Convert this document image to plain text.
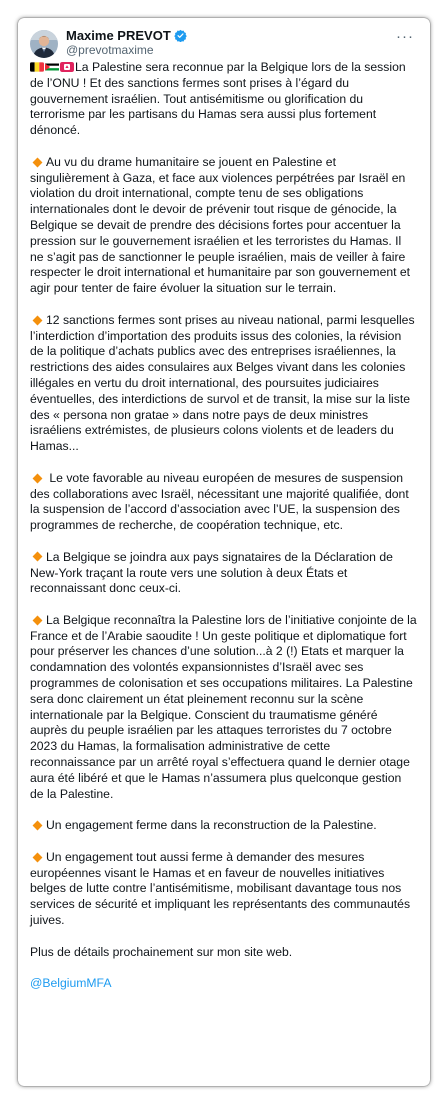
Maxime PREVOT
@prevotmaxime
···

La Palestine sera reconnue par la Belgique lors de la session de l’ONU ! Et des sanctions fermes sont prises à l’égard du gouvernement israélien. Tout antisémitisme ou glorification du terrorisme par les partisans du Hamas sera aussi plus fortement dénoncé.

Au vu du drame humanitaire se jouent en Palestine et singulièrement à Gaza, et face aux violences perpétrées par Israël en violation du droit international, compte tenu de ses obligations internationales dont le devoir de prévenir tout risque de génocide, la Belgique se devait de prendre des décisions fortes pour accentuer la pression sur le gouvernement israélien et les terroristes du Hamas. Il ne s’agit pas de sanctionner le peuple israélien, mais de veiller à faire respecter le droit international et humanitaire par son gouvernement et agir pour tenter de faire évoluer la situation sur le terrain.

12 sanctions fermes sont prises au niveau national, parmi lesquelles l’interdiction d’importation des produits issus des colonies, la révision de la politique d’achats publics avec des entreprises israéliennes, la restrictions des aides consulaires aux Belges vivant dans les colonies illégales en vertu du droit international, des poursuites judiciaires éventuelles, des interdictions de survol et de transit, la mise sur la liste des « persona non gratae » dans notre pays de deux ministres israéliens extrémistes, de plusieurs colons violents et de leaders du Hamas...

Le vote favorable au niveau européen de mesures de suspension des collaborations avec Israël, nécessitant une majorité qualifiée, dont la suspension de l’accord d’association avec l’UE, la suspension des programmes de recherche, de coopération technique, etc.

La Belgique se joindra aux pays signataires de la Déclaration de New-York traçant la route vers une solution à deux États et reconnaissant donc ceux-ci.

La Belgique reconnaîtra la Palestine lors de l’initiative conjointe de la France et de l’Arabie saoudite ! Un geste politique et diplomatique fort pour préserver les chances d’une solution...à 2 (!) Etats et marquer la condamnation des volontés expansionnistes d’Israël avec ses programmes de colonisation et ses occupations militaires. La Palestine sera donc clairement un état pleinement reconnu sur la scène internationale par la Belgique. Conscient du traumatisme généré auprès du peuple israélien par les attaques terroristes du 7 octobre 2023 du Hamas, la formalisation administrative de cette reconnaissance par un arrêté royal s’effectuera quand le dernier otage aura été libéré et que le Hamas n’assumera plus quelconque gestion de la Palestine.

Un engagement ferme dans la reconstruction de la Palestine.

Un engagement tout aussi ferme à demander des mesures européennes visant le Hamas et en faveur de nouvelles initiatives belges de lutte contre l’antisémitisme, mobilisant davantage tous nos services de sécurité et impliquant les représentants des communautés juives.

Plus de détails prochainement sur mon site web.

@BelgiumMFA
